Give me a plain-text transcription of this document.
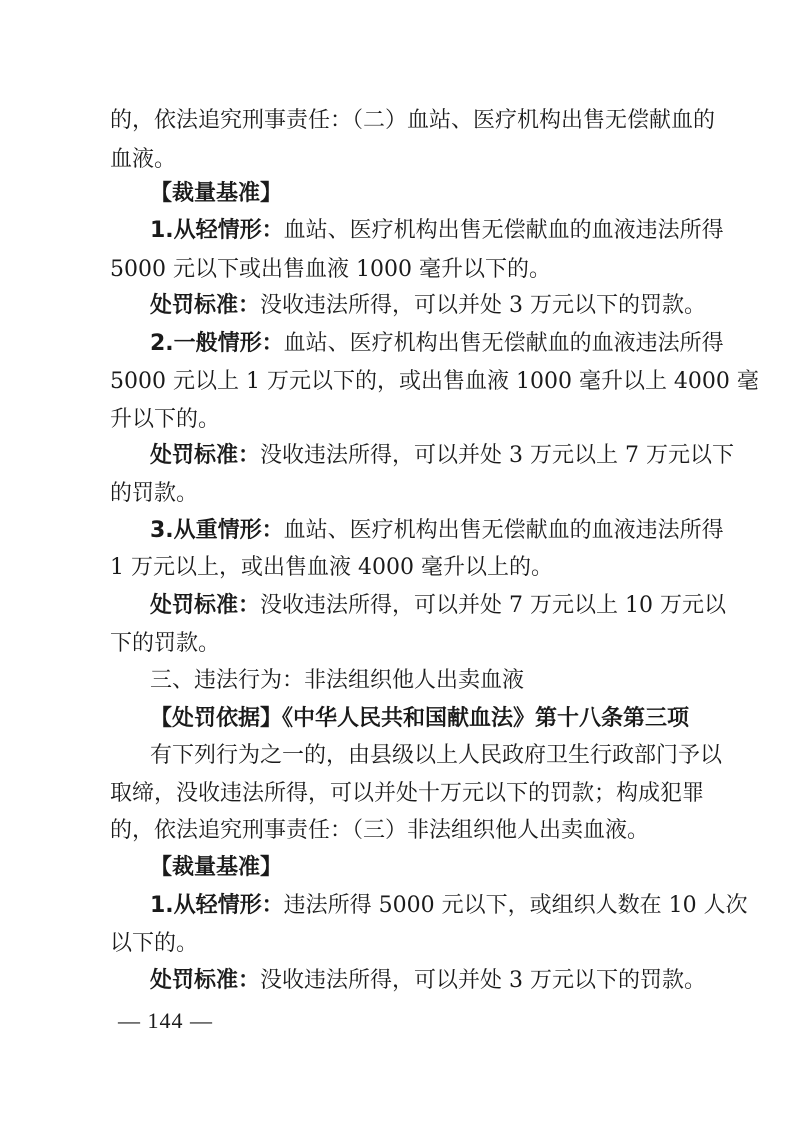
的，依法追究刑事责任：（二）血站、医疗机构出售无偿献血的
血液。
【裁量基准】
1.从轻情形：血站、医疗机构出售无偿献血的血液违法所得
5000 元以下或出售血液 1000 毫升以下的。
处罚标准：没收违法所得，可以并处 3 万元以下的罚款。
2.一般情形：血站、医疗机构出售无偿献血的血液违法所得
5000 元以上 1 万元以下的，或出售血液 1000 毫升以上 4000 毫
升以下的。
处罚标准：没收违法所得，可以并处 3 万元以上 7 万元以下
的罚款。
3.从重情形：血站、医疗机构出售无偿献血的血液违法所得
1 万元以上，或出售血液 4000 毫升以上的。
处罚标准：没收违法所得，可以并处 7 万元以上 10 万元以
下的罚款。
三、违法行为：非法组织他人出卖血液
【处罚依据】《中华人民共和国献血法》第十八条第三项
有下列行为之一的，由县级以上人民政府卫生行政部门予以
取缔，没收违法所得，可以并处十万元以下的罚款；构成犯罪
的，依法追究刑事责任：（三）非法组织他人出卖血液。
【裁量基准】
1.从轻情形：违法所得 5000 元以下，或组织人数在 10 人次
以下的。
处罚标准：没收违法所得，可以并处 3 万元以下的罚款。
— 144 —
